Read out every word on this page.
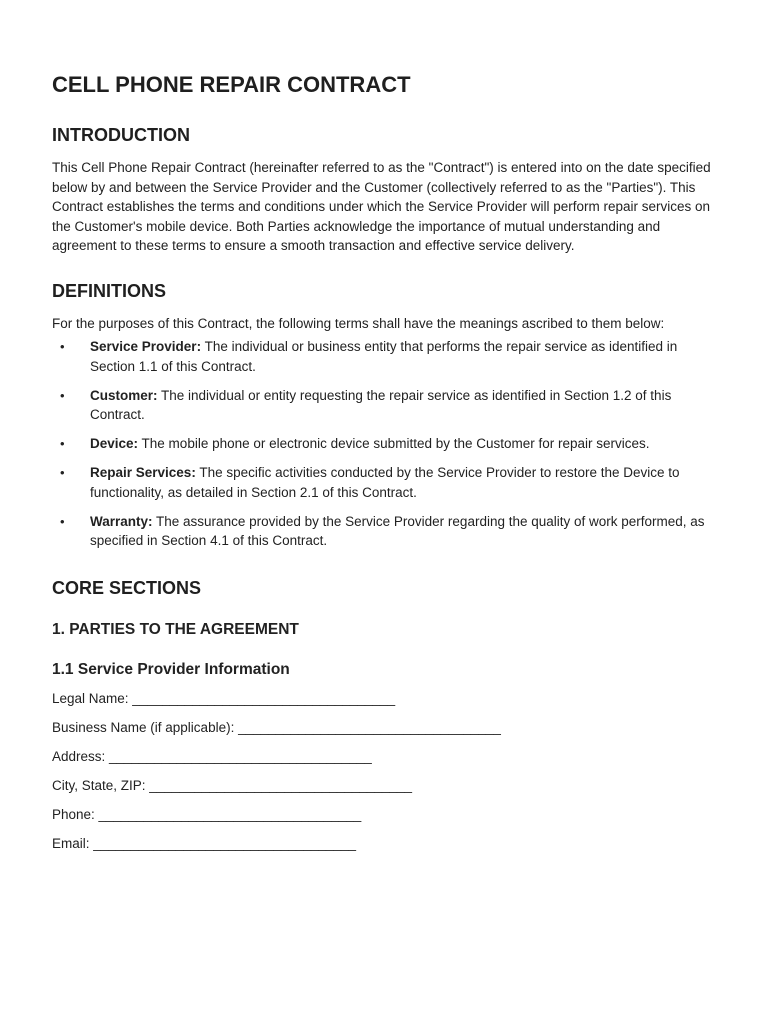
CELL PHONE REPAIR CONTRACT
INTRODUCTION

This Cell Phone Repair Contract (hereinafter referred to as the "Contract") is entered into on the date specified below by and between the Service Provider and the Customer (collectively referred to as the "Parties"). This Contract establishes the terms and conditions under which the Service Provider will perform repair services on the Customer's mobile device. Both Parties acknowledge the importance of mutual understanding and agreement to these terms to ensure a smooth transaction and effective service delivery.

DEFINITIONS

For the purposes of this Contract, the following terms shall have the meanings ascribed to them below:

• Service Provider: The individual or business entity that performs the repair service as identified in Section 1.1 of this Contract.
• Customer: The individual or entity requesting the repair service as identified in Section 1.2 of this Contract.
• Device: The mobile phone or electronic device submitted by the Customer for repair services.
• Repair Services: The specific activities conducted by the Service Provider to restore the Device to functionality, as detailed in Section 2.1 of this Contract.
• Warranty: The assurance provided by the Service Provider regarding the quality of work performed, as specified in Section 4.1 of this Contract.
CORE SECTIONS
1. PARTIES TO THE AGREEMENT
1.1 Service Provider Information
Legal Name: ___________________________________
Business Name (if applicable): ___________________________________
Address: ___________________________________
City, State, ZIP: ___________________________________
Phone: ___________________________________
Email: ___________________________________
